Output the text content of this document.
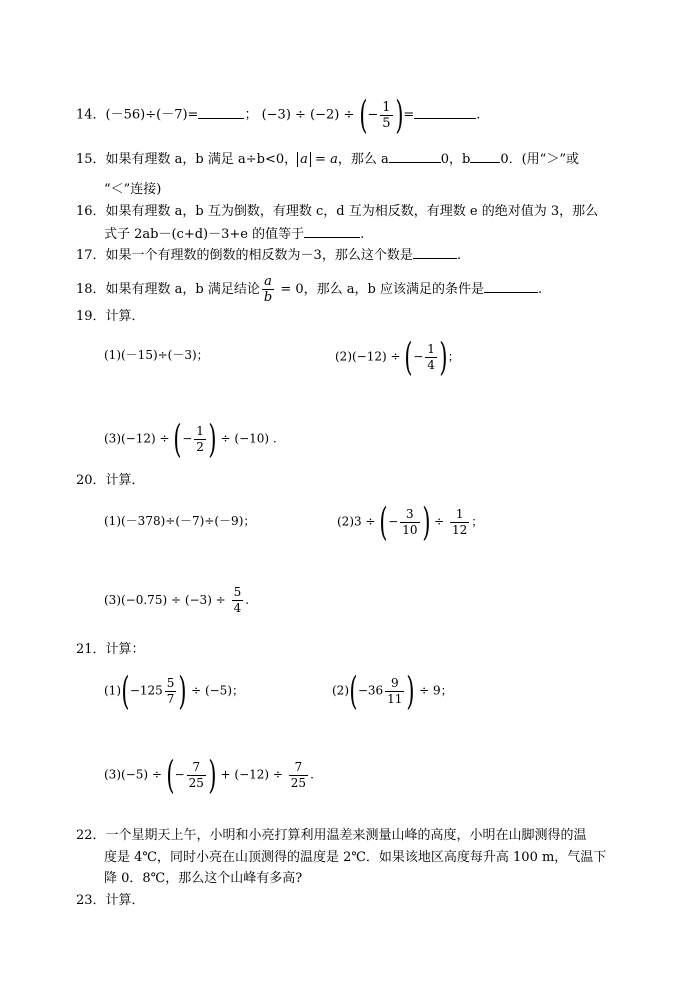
14．(－56)÷(－7)=	； (−3) ÷ (−2) ÷ (− $\frac{1}{5}$ )=	.
15．如果有理数 a，b 满足 a÷b<0， a = a，那么 a	0，b 0．(用“＞”或
“＜”连接)
16．如果有理数 a，b 互为倒数，有理数 c，d 互为相反数，有理数 e 的绝对值为 3，那么
式子 2ab－(c+d)－3+e 的值等于	.
17．如果一个有理数的倒数的相反数为－3，那么这个数是	.
18．如果有理数 a，b 满足结论 $\frac{a}{b} = 0$，那么 a，b 应该满足的条件是	.
19．计算．
(1)(－15)÷(－3)；	(2)(−12) ÷ (− $\frac{1}{4}$ )；
(3)(−12) ÷ (− $\frac{1}{2}$ ) ÷ (−10) .
20．计算．
(1)(－378)÷(－7)÷(－9)；	(2)3 ÷ (− $\frac{3}{10}$ ) ÷ $\frac{1}{12}$ ；
$(3)(-0.75) \div (-3) \div \frac{5}{4}$ .
21．计算：
$(1)(-125 \frac{5}{7}$ ) ÷ (−5)；	$(2)(-36 \frac{9}{11}$ ) ÷ 9；
(3)(−5) ÷ (− $\frac{7}{25}$ ) + $(-12) \div \frac{7}{25}$ .
22．一个星期天上午，小明和小亮打算利用温差来测量山峰的高度，小明在山脚测得的温
度是 4℃，同时小亮在山顶测得的温度是 2℃．如果该地区高度每升高 100 m，气温下
降 0．8℃，那么这个山峰有多高?
23．计算．
